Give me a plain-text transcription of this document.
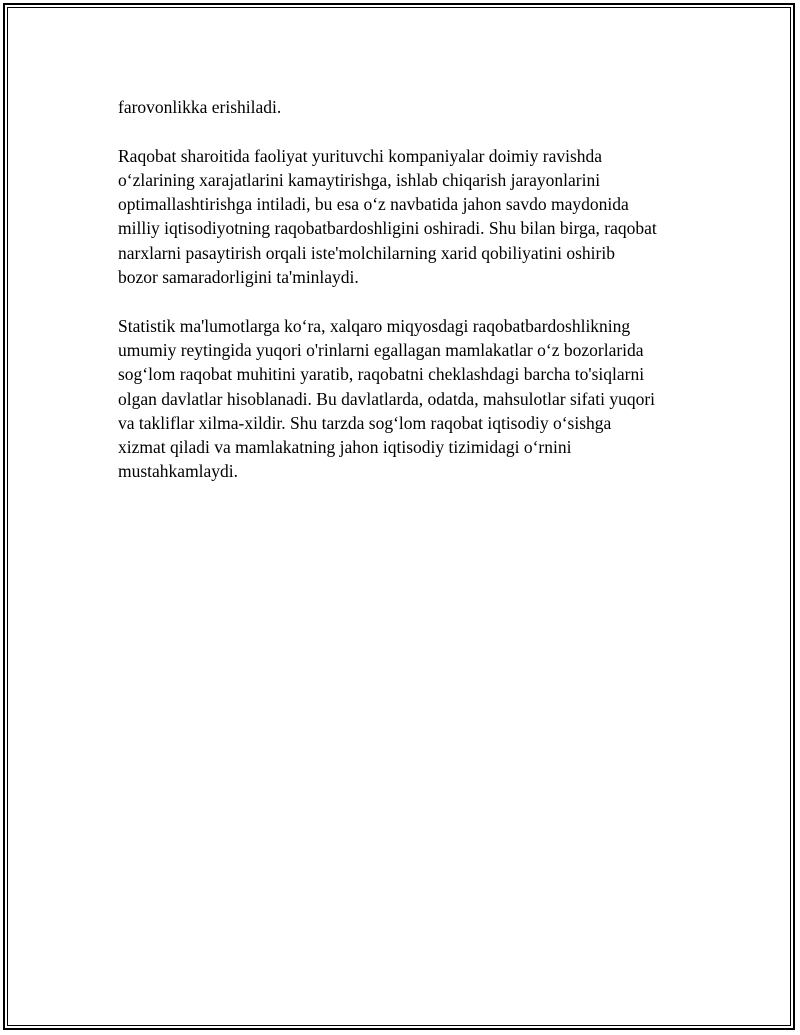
farovonlikka erishiladi.

Raqobat sharoitida faoliyat yurituvchi kompaniyalar doimiy ravishda
o‘zlarining xarajatlarini kamaytirishga, ishlab chiqarish jarayonlarini
optimallashtirishga intiladi, bu esa o‘z navbatida jahon savdo maydonida
milliy iqtisodiyotning raqobatbardoshligini oshiradi. Shu bilan birga, raqobat
narxlarni pasaytirish orqali iste'molchilarning xarid qobiliyatini oshirib
bozor samaradorligini ta'minlaydi.

Statistik ma'lumotlarga ko‘ra, xalqaro miqyosdagi raqobatbardoshlikning
umumiy reytingida yuqori o'rinlarni egallagan mamlakatlar o‘z bozorlarida
sog‘lom raqobat muhitini yaratib, raqobatni cheklashdagi barcha to'siqlarni
olgan davlatlar hisoblanadi. Bu davlatlarda, odatda, mahsulotlar sifati yuqori
va takliflar xilma-xildir. Shu tarzda sog‘lom raqobat iqtisodiy o‘sishga
xizmat qiladi va mamlakatning jahon iqtisodiy tizimidagi o‘rnini
mustahkamlaydi.
